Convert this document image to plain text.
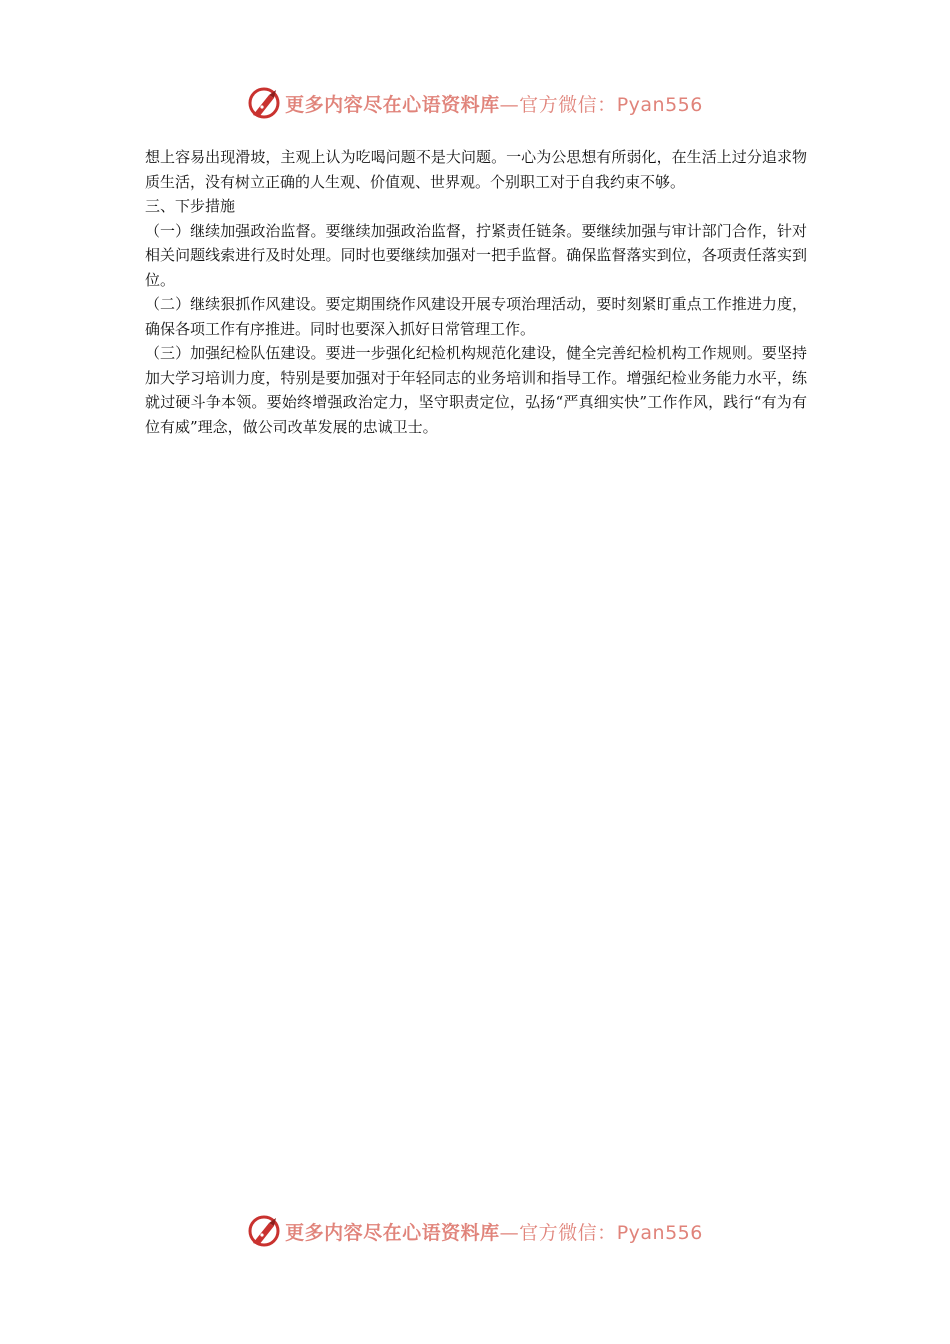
更多内容尽在心语资料库—官方微信：Pyan556

想上容易出现滑坡，主观上认为吃喝问题不是大问题。一心为公思想有所弱化，在生活上过分追求物质生活，没有树立正确的人生观、价值观、世界观。个别职工对于自我约束不够。

三、下步措施

（一）继续加强政治监督。要继续加强政治监督，拧紧责任链条。要继续加强与审计部门合作，针对相关问题线索进行及时处理。同时也要继续加强对一把手监督。确保监督落实到位，各项责任落实到位。

（二）继续狠抓作风建设。要定期围绕作风建设开展专项治理活动，要时刻紧盯重点工作推进力度，确保各项工作有序推进。同时也要深入抓好日常管理工作。

（三）加强纪检队伍建设。要进一步强化纪检机构规范化建设，健全完善纪检机构工作规则。要坚持加大学习培训力度，特别是要加强对于年轻同志的业务培训和指导工作。增强纪检业务能力水平，练就过硬斗争本领。要始终增强政治定力，坚守职责定位，弘扬“严真细实快”工作作风，践行“有为有位有威”理念，做公司改革发展的忠诚卫士。

更多内容尽在心语资料库—官方微信：Pyan556
